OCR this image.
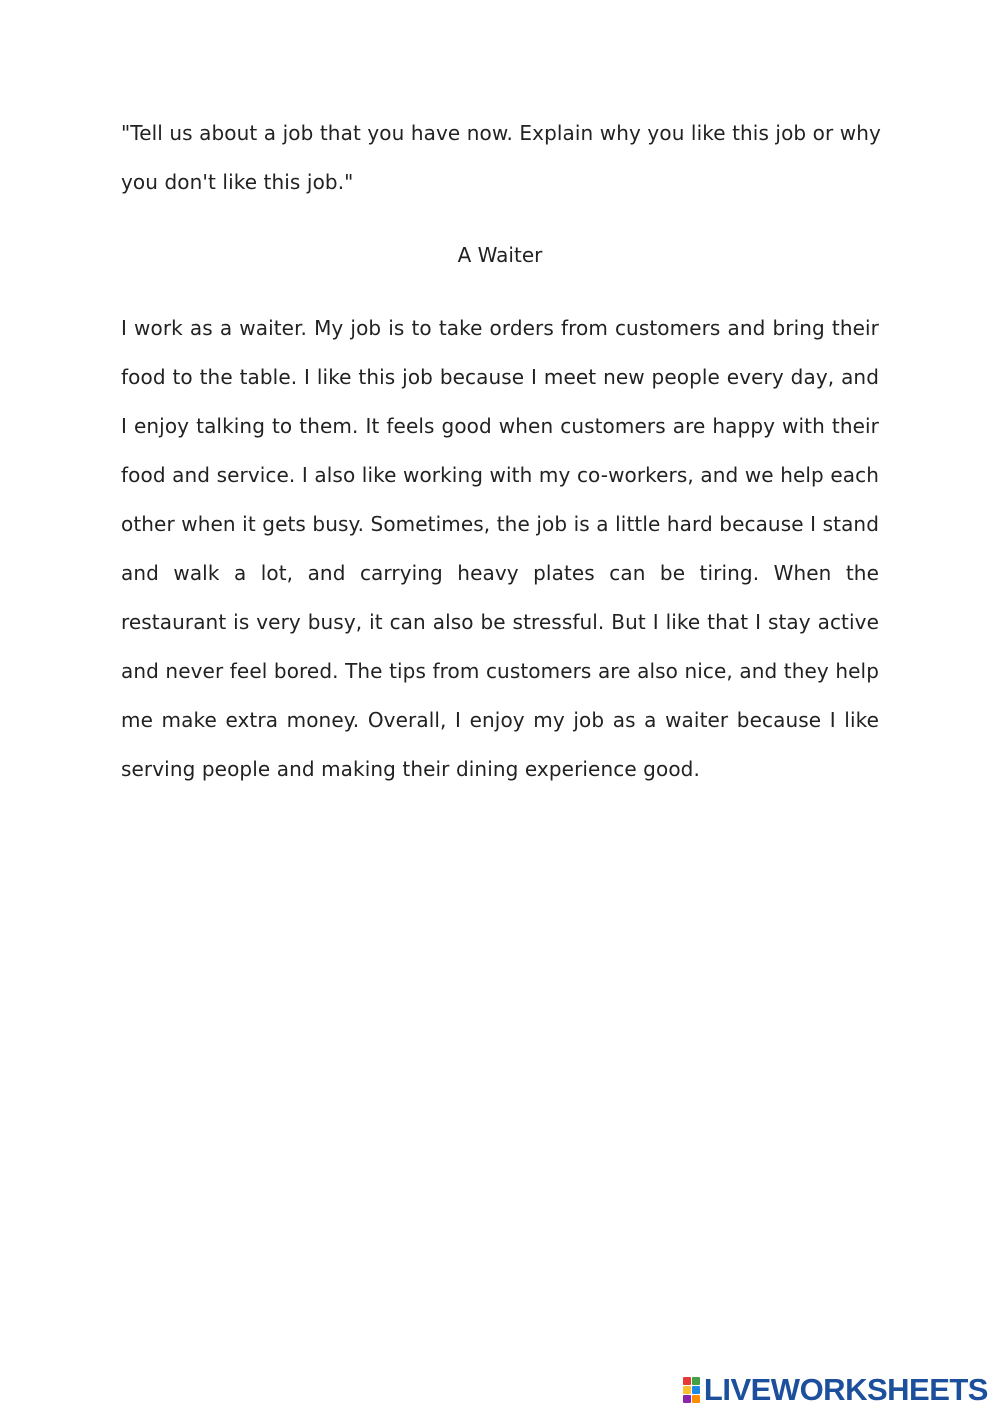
"Tell us about a job that you have now. Explain why you like this job or why you don't like this job."

A Waiter

I work as a waiter. My job is to take orders from customers and bring their food to the table. I like this job because I meet new people every day, and I enjoy talking to them. It feels good when customers are happy with their food and service. I also like working with my co-workers, and we help each other when it gets busy. Sometimes, the job is a little hard because I stand and walk a lot, and carrying heavy plates can be tiring. When the restaurant is very busy, it can also be stressful. But I like that I stay active and never feel bored. The tips from customers are also nice, and they help me make extra money. Overall, I enjoy my job as a waiter because I like serving people and making their dining experience good.

LIVEWORKSHEETS
